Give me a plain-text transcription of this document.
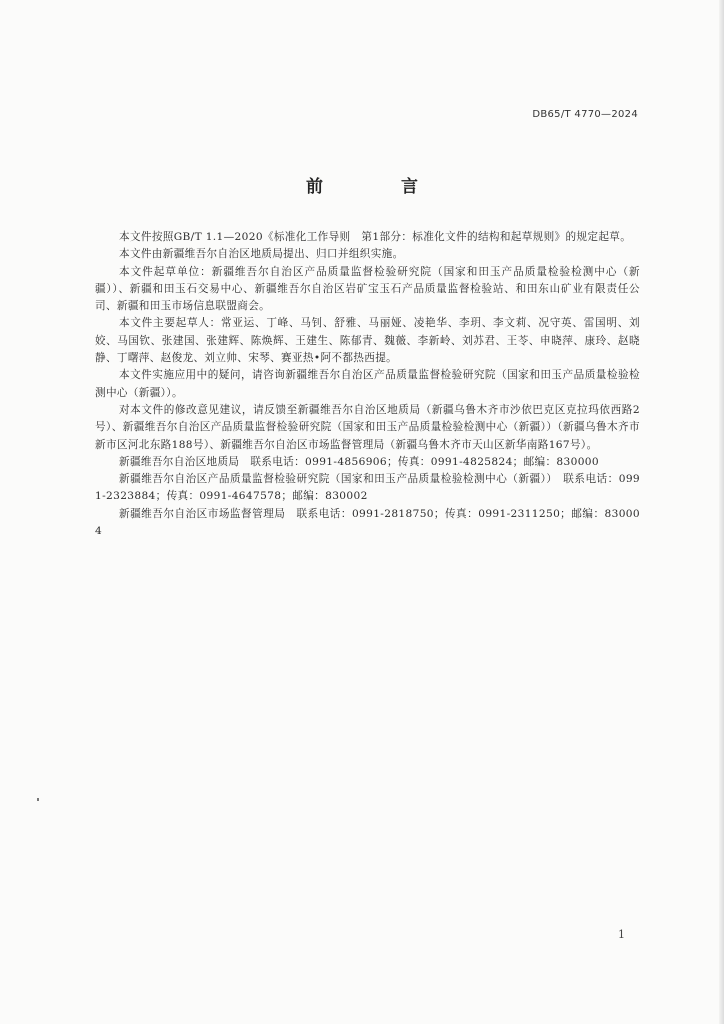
DB65/T 4770—2024
前 言

本文件按照GB/T 1.1—2020《标准化工作导则　第1部分：标准化文件的结构和起草规则》的规定起草。

本文件由新疆维吾尔自治区地质局提出、归口并组织实施。

本文件起草单位：新疆维吾尔自治区产品质量监督检验研究院（国家和田玉产品质量检验检测中心（新疆））、新疆和田玉石交易中心、新疆维吾尔自治区岩矿宝玉石产品质量监督检验站、和田东山矿业有限责任公司、新疆和田玉市场信息联盟商会。

本文件主要起草人：常亚运、丁峰、马钊、舒雅、马丽娅、凌艳华、李玥、李文莉、况守英、雷国明、刘姣、马国钦、张建国、张建辉、陈焕辉、王建生、陈郁青、魏薇、李新岭、刘苏君、王苓、申晓萍、康玲、赵晓静、丁曙萍、赵俊龙、刘立帅、宋琴、赛亚热•阿不都热西提。

本文件实施应用中的疑问，请咨询新疆维吾尔自治区产品质量监督检验研究院（国家和田玉产品质量检验检测中心（新疆））。

对本文件的修改意见建议，请反馈至新疆维吾尔自治区地质局（新疆乌鲁木齐市沙依巴克区克拉玛依西路2号）、新疆维吾尔自治区产品质量监督检验研究院（国家和田玉产品质量检验检测中心（新疆））（新疆乌鲁木齐市新市区河北东路188号）、新疆维吾尔自治区市场监督管理局（新疆乌鲁木齐市天山区新华南路167号）。

新疆维吾尔自治区地质局　联系电话：0991-4856906；传真：0991-4825824；邮编：830000

新疆维吾尔自治区产品质量监督检验研究院（国家和田玉产品质量检验检测中心（新疆））　联系电话：0991-2323884；传真：0991-4647578；邮编：830002

新疆维吾尔自治区市场监督管理局　联系电话：0991-2818750；传真：0991-2311250；邮编：830004

1
